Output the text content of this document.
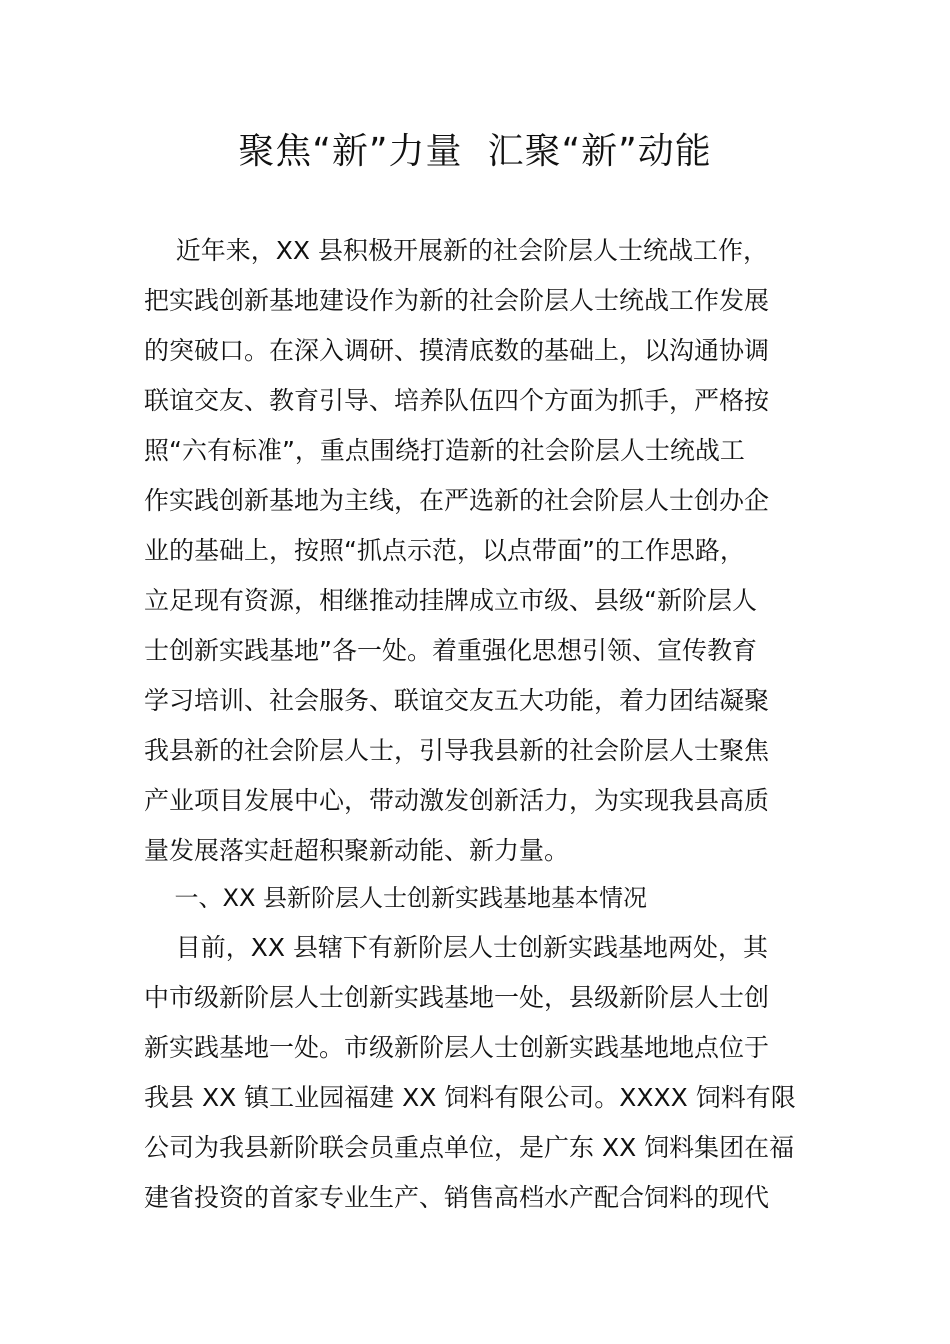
聚焦“新”力量  汇聚“新”动能
近年来，XX 县积极开展新的社会阶层人士统战工作，
把实践创新基地建设作为新的社会阶层人士统战工作发展
的突破口。在深入调研、摸清底数的基础上，以沟通协调
联谊交友、教育引导、培养队伍四个方面为抓手，严格按
照“六有标准”，重点围绕打造新的社会阶层人士统战工
作实践创新基地为主线，在严选新的社会阶层人士创办企
业的基础上，按照“抓点示范，以点带面”的工作思路，
立足现有资源，相继推动挂牌成立市级、县级“新阶层人
士创新实践基地”各一处。着重强化思想引领、宣传教育
学习培训、社会服务、联谊交友五大功能，着力团结凝聚
我县新的社会阶层人士，引导我县新的社会阶层人士聚焦
产业项目发展中心，带动激发创新活力，为实现我县高质
量发展落实赶超积聚新动能、新力量。
一、XX 县新阶层人士创新实践基地基本情况
目前，XX 县辖下有新阶层人士创新实践基地两处，其
中市级新阶层人士创新实践基地一处，县级新阶层人士创
新实践基地一处。市级新阶层人士创新实践基地地点位于
我县 XX 镇工业园福建 XX 饲料有限公司。XXXX 饲料有限
公司为我县新阶联会员重点单位，是广东 XX 饲料集团在福
建省投资的首家专业生产、销售高档水产配合饲料的现代
